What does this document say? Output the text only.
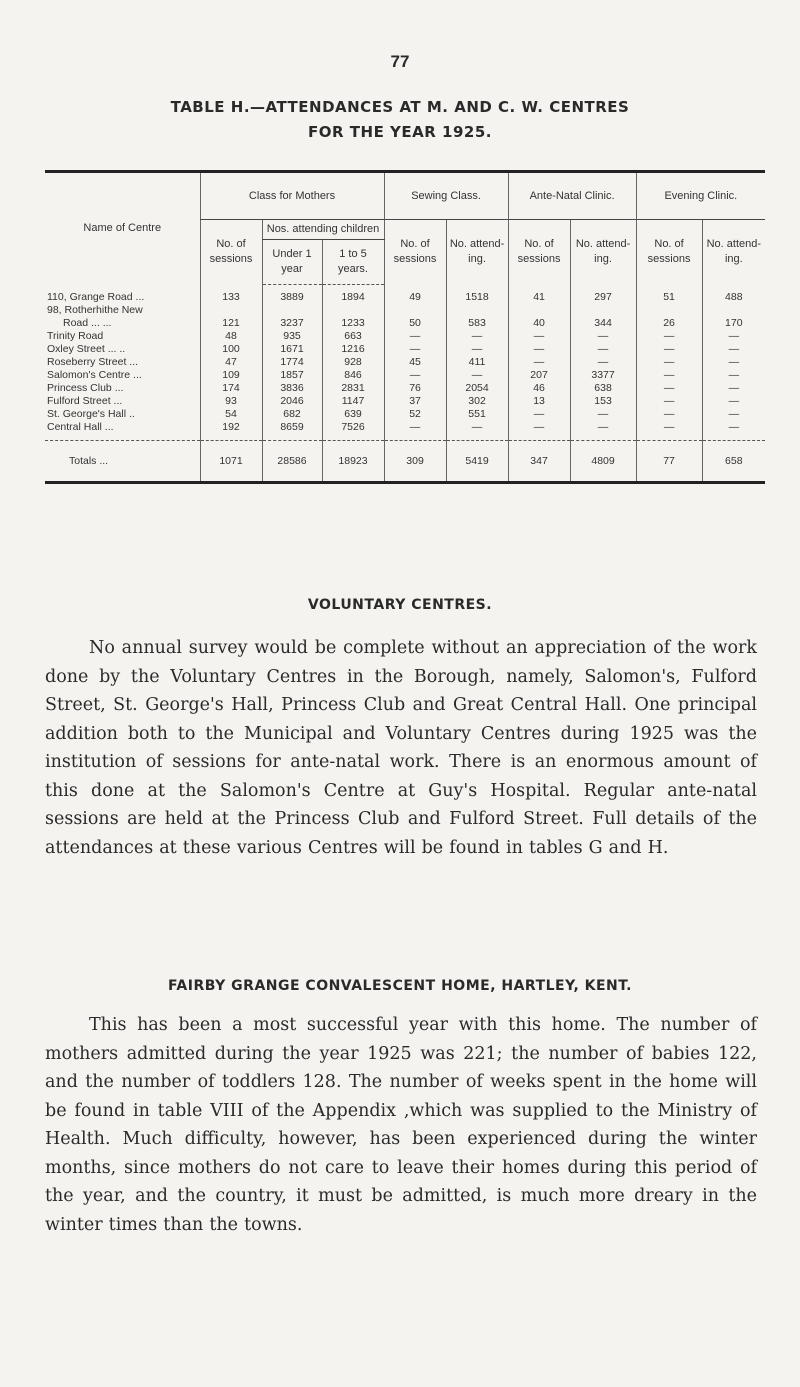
77
TABLE H.—ATTENDANCES AT M. AND C. W. CENTRES
FOR THE YEAR 1925.
Name of Centre	Class for Mothers			Sewing Class.		Ante-Natal Clinic.		Evening Clinic.	
	No. of sessions	Nos. attending children		No. of sessions	No. attend-ing.	No. of sessions	No. attend-ing.	No. of sessions	No. attend-ing.
		Under 1 year	1 to 5 years.						
110, Grange Road ...	133	3889	1894	49	1518	41	297	51	488
98, Rotherhithe New									
Road ... ...	121	3237	1233	50	583	40	344	26	170
Trinity Road	48	935	663	—	—	—	—	—	—
Oxley Street ... ..	100	1671	1216	—	—	—	—	—	—
Roseberry Street ...	47	1774	928	45	411	—	—	—	—
Salomon's Centre ...	109	1857	846	—	—	207	3377	—	—
Princess Club ...	174	3836	2831	76	2054	46	638	—	—
Fulford Street ...	93	2046	1147	37	302	13	153	—	—
St. George's Hall ..	54	682	639	52	551	—	—	—	—
Central Hall ...	192	8659	7526	—	—	—	—	—	—
Totals ...	1071	28586	18923	309	5419	347	4809	77	658
VOLUNTARY CENTRES.

No annual survey would be complete without an appreciation of the work done by the Voluntary Centres in the Borough, namely, Salomon's, Fulford Street, St. George's Hall, Princess Club and Great Central Hall. One principal addition both to the Municipal and Voluntary Centres during 1925 was the institution of sessions for ante-natal work. There is an enormous amount of this done at the Salomon's Centre at Guy's Hospital. Regular ante-natal sessions are held at the Princess Club and Fulford Street. Full details of the attendances at these various Centres will be found in tables G and H.

FAIRBY GRANGE CONVALESCENT HOME, HARTLEY, KENT.

This has been a most successful year with this home. The number of mothers admitted during the year 1925 was 221; the number of babies 122, and the number of toddlers 128. The number of weeks spent in the home will be found in table VIII of the Appendix ,which was supplied to the Ministry of Health. Much difficulty, however, has been experienced during the winter months, since mothers do not care to leave their homes during this period of the year, and the country, it must be admitted, is much more dreary in the winter times than the towns.
